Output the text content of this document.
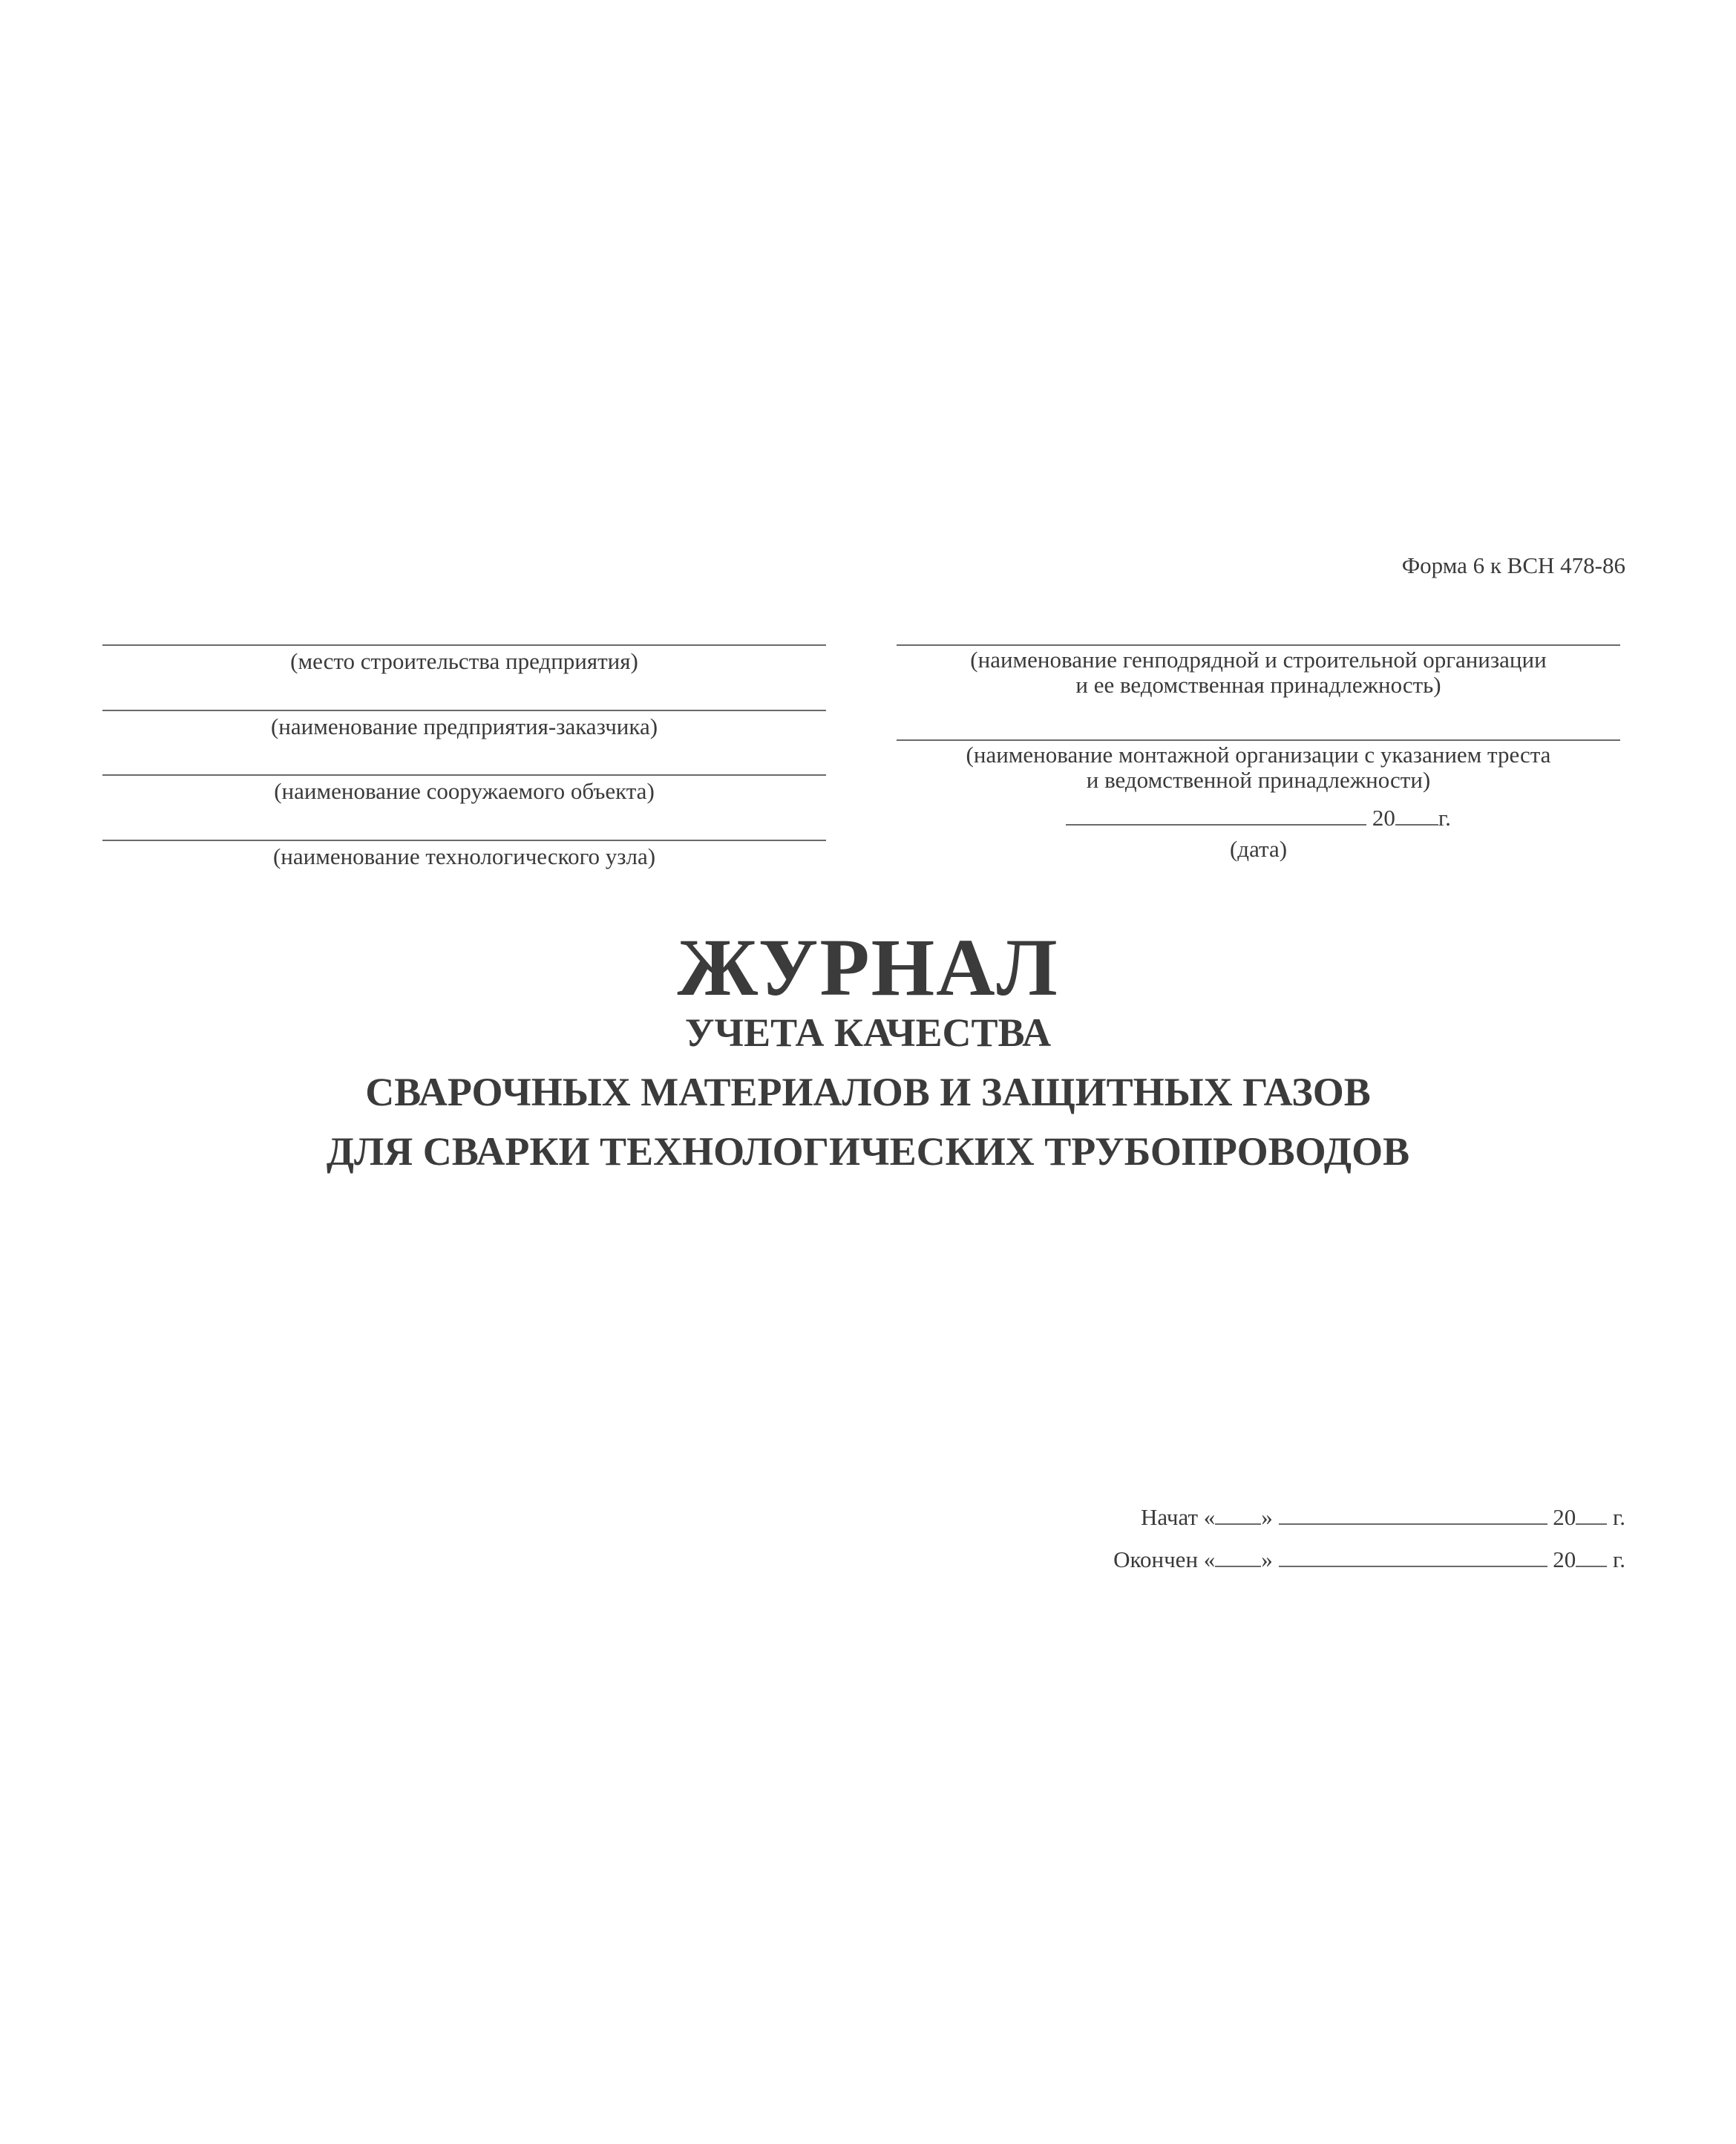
Форма 6 к ВСН 478-86
(место строительства предприятия)
(наименование предприятия-заказчика)
(наименование сооружаемого объекта)
(наименование технологического узла)
(наименование генподрядной и строительной организации
и ее ведомственная принадлежность)
(наименование монтажной организации с указанием треста
и ведомственной принадлежности)
20 г.
(дата)
ЖУРНАЛ
УЧЕТА КАЧЕСТВА
СВАРОЧНЫХ МАТЕРИАЛОВ И ЗАЩИТНЫХ ГАЗОВ
ДЛЯ СВАРКИ ТЕХНОЛОГИЧЕСКИХ ТРУБОПРОВОДОВ
Начат « »	20 г.
Окончен « »	20 г.
